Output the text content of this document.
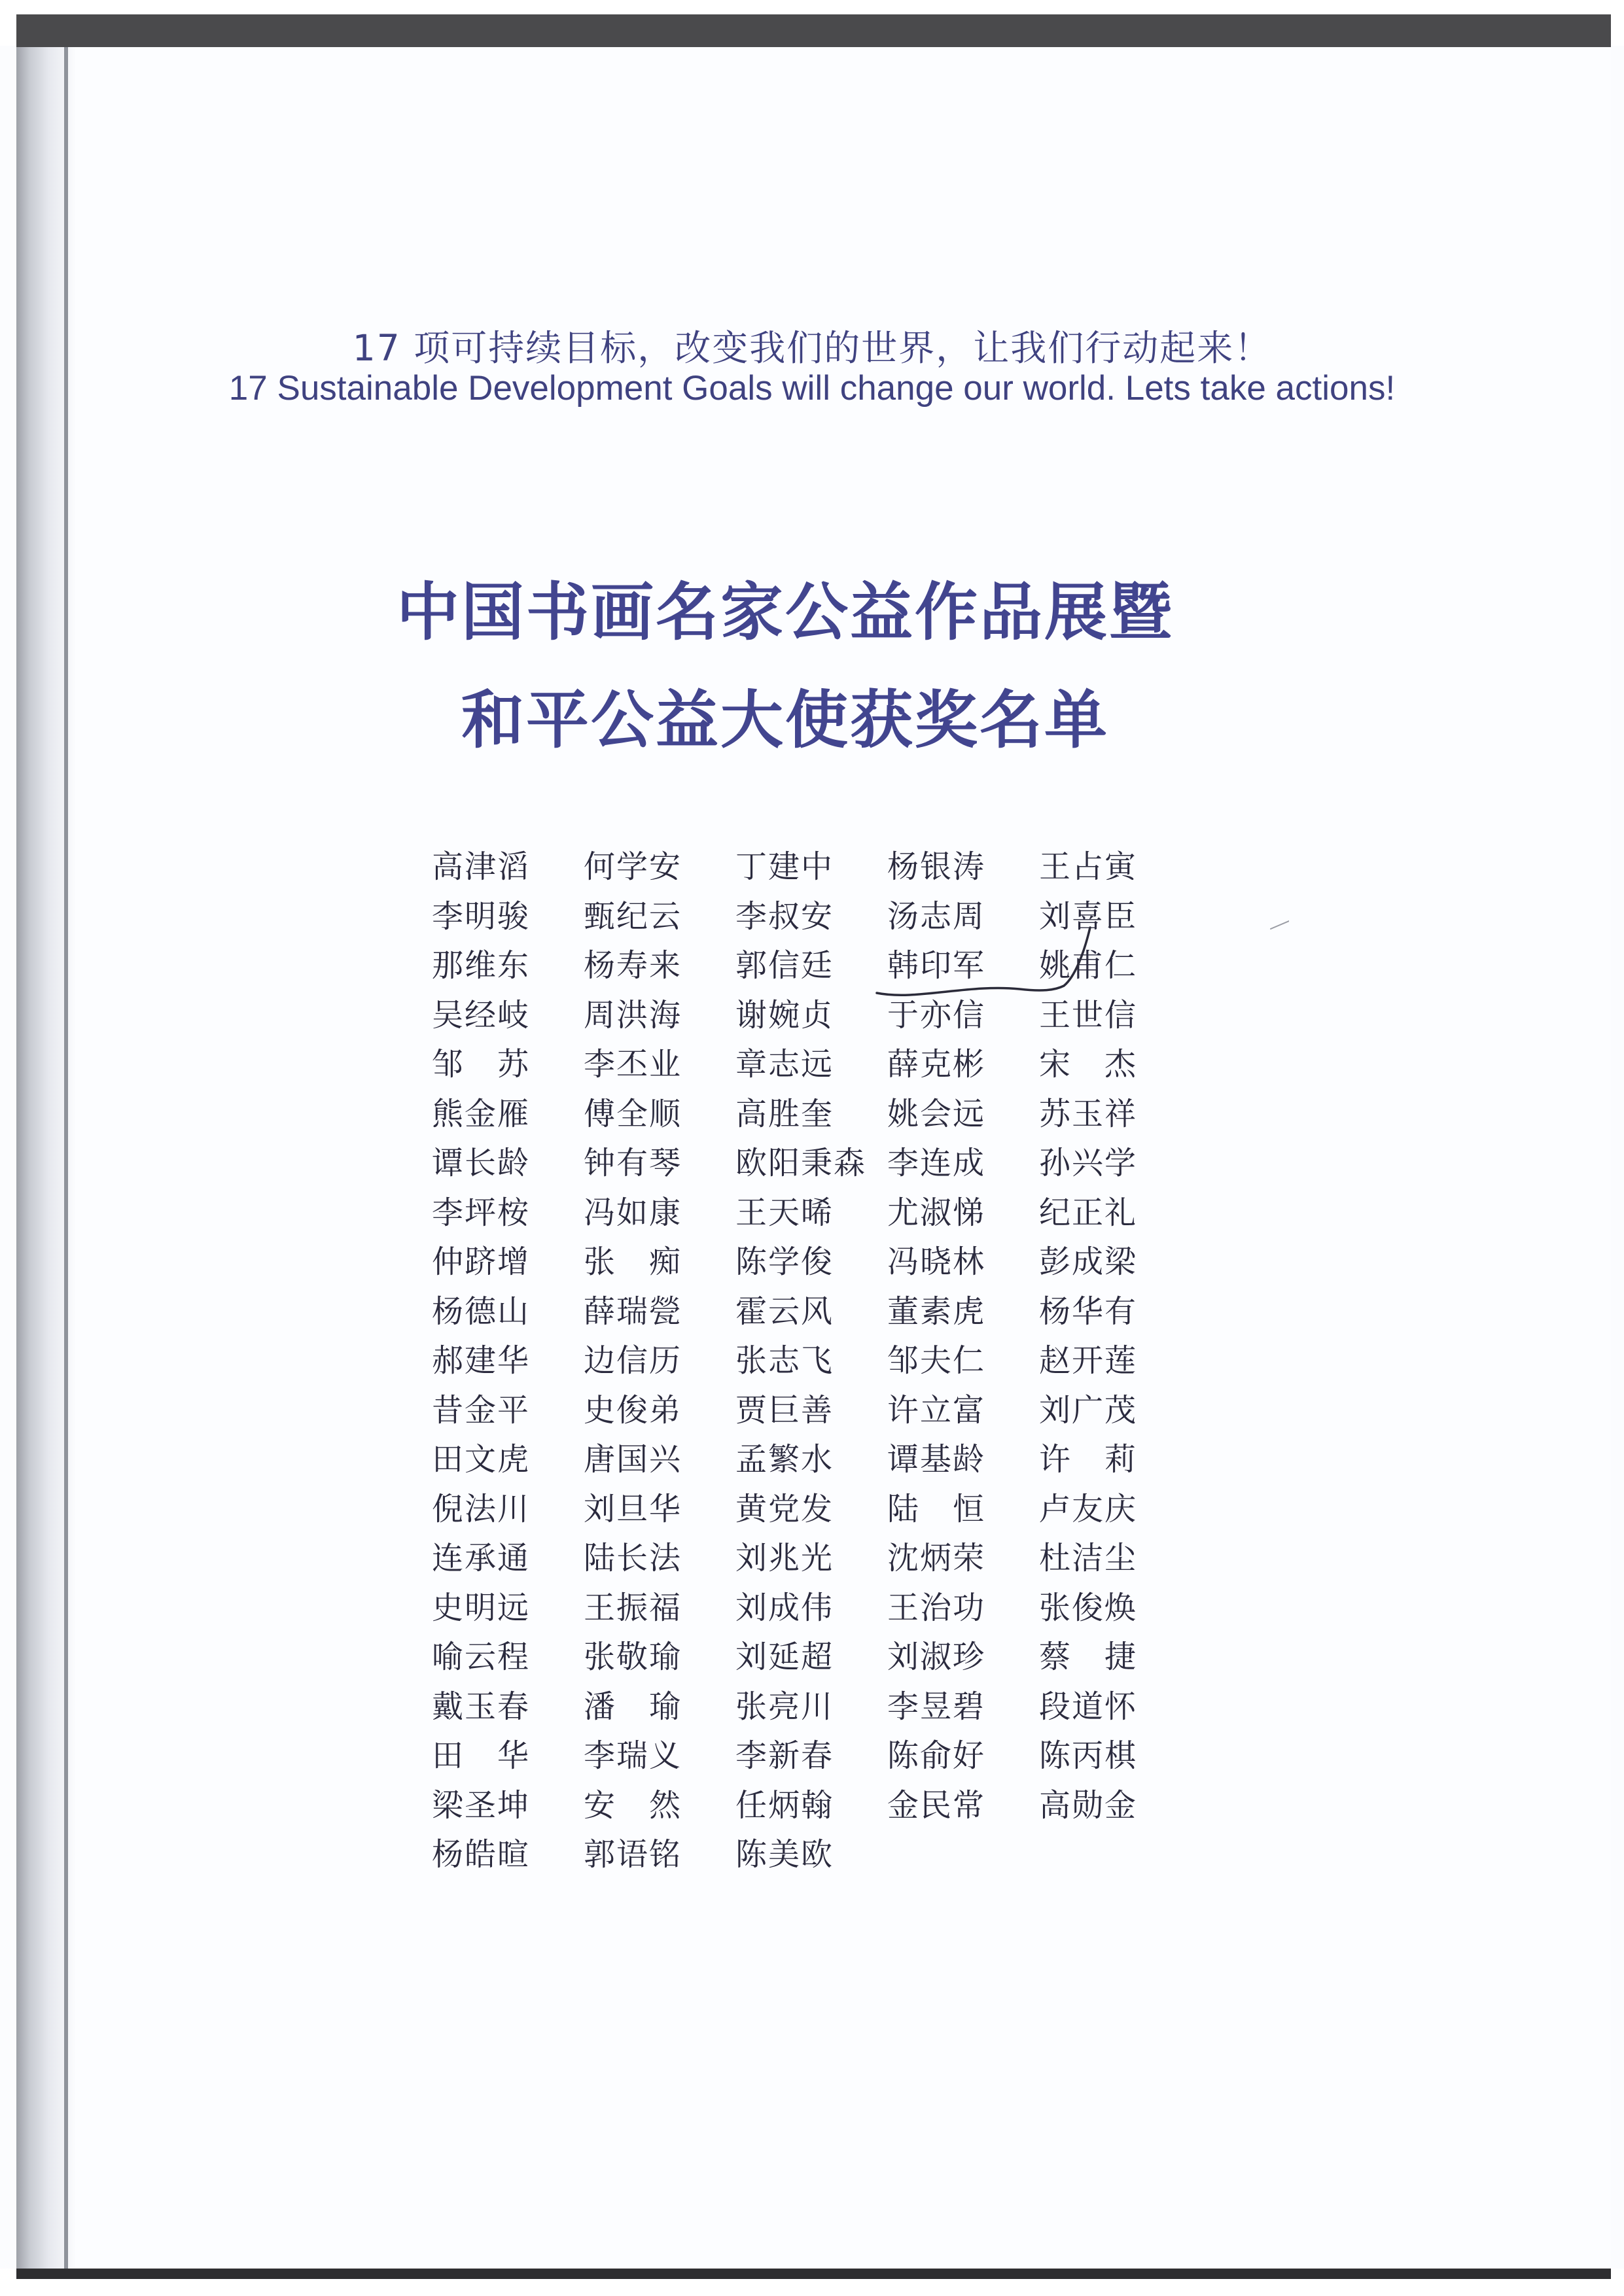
17 项可持续目标，改变我们的世界，让我们行动起来！
17 Sustainable Development Goals will change our world. Lets take actions!
中国书画名家公益作品展暨
和平公益大使获奖名单
高津滔	何学安	丁建中	杨银涛	王占寅
李明骏	甄纪云	李叔安	汤志周	刘喜臣
那维东	杨寿来	郭信廷	韩印军	姚甫仁
吴经岐	周洪海	谢婉贞	于亦信	王世信
邹　苏	李丕业	章志远	薛克彬	宋　杰
熊金雁	傅全顺	高胜奎	姚会远	苏玉祥
谭长龄	钟有琴	欧阳秉森 李连成	孙兴学
李坪桉	冯如康	王天晞	尤淑悌	纪正礼
仲跻增	张　痴	陈学俊	冯晓林	彭成梁
杨德山	薛瑞甇	霍云风	董素虎	杨华有
郝建华	边信历	张志飞	邹夫仁	赵开莲
昔金平	史俊弟	贾巨善	许立富	刘广茂
田文虎	唐国兴	孟繁水	谭基龄	许　莉
倪法川	刘旦华	黄党发	陆　恒	卢友庆
连承通	陆长法	刘兆光	沈炳荣	杜洁尘
史明远	王振福	刘成伟	王治功	张俊焕
喻云程	张敬瑜	刘延超	刘淑珍	蔡　捷
戴玉春	潘　瑜	张亮川	李昱碧	段道怀
田　华	李瑞义	李新春	陈俞好	陈丙棋
梁圣坤	安　然	任炳翰	金民常	高勋金
杨皓暄	郭语铭	陈美欧
